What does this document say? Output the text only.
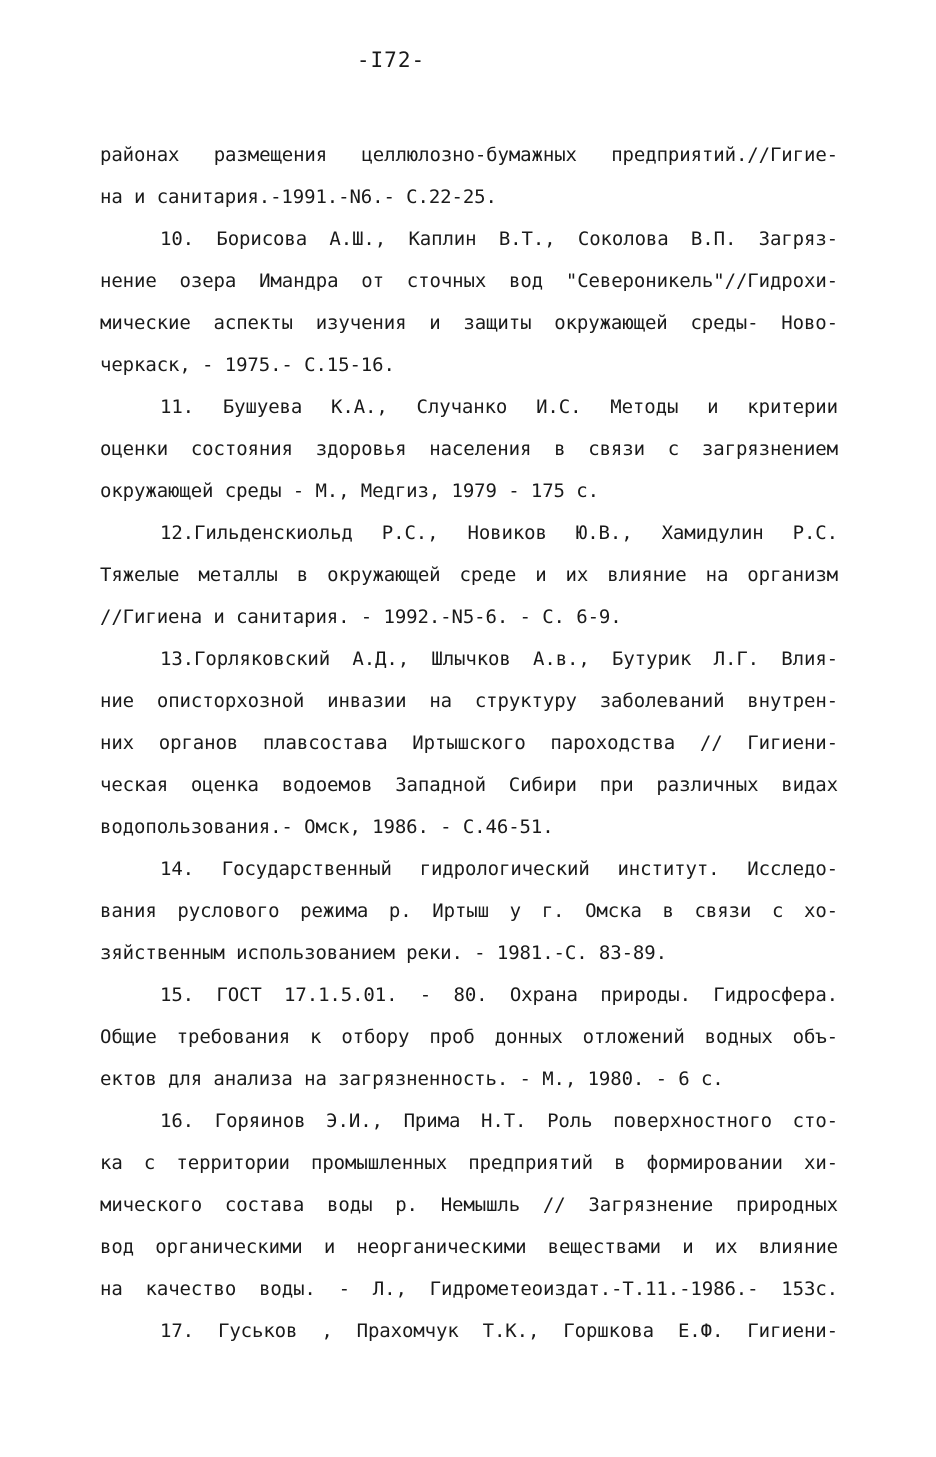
-I72-
районах размещения целлюлозно-бумажных предприятий.//Гигие-
на и санитария.-1991.-N6.- С.22-25.
10. Борисова А.Ш., Каплин В.Т., Соколова В.П. Загряз-
нение озера Имандра от сточных вод "Североникель"//Гидрохи-
мические аспекты изучения и защиты окружающей среды- Ново-
черкаск, - 1975.- С.15-16.
11. Бушуева К.А., Случанко И.С. Методы и критерии
оценки состояния здоровья населения в связи с загрязнением
окружающей среды - М., Медгиз, 1979 - 175 с.
12.Гильденскиольд Р.С., Новиков Ю.В., Хамидулин Р.С.
Тяжелые металлы в окружающей среде и их влияние на организм
//Гигиена и санитария. - 1992.-N5-6. - С. 6-9.
13.Горляковский А.Д., Шлычков А.в., Бутурик Л.Г. Влия-
ние описторхозной инвазии на структуру заболеваний внутрен-
них органов плавсостава Иртышского пароходства // Гигиени-
ческая оценка водоемов Западной Сибири при различных видах
водопользования.- Омск, 1986. - С.46-51.
14. Государственный гидрологический институт. Исследо-
вания руслового режима р. Иртыш у г. Омска в связи с хо-
зяйственным использованием реки. - 1981.-С. 83-89.
15. ГОСТ 17.1.5.01. - 80. Охрана природы. Гидросфера.
Общие требования к отбору проб донных отложений водных объ-
ектов для анализа на загрязненность. - М., 1980. - 6 с.
16. Горяинов Э.И., Прима Н.Т. Роль поверхностного сто-
ка с территории промышленных предприятий в формировании хи-
мического состава воды р. Немышль // Загрязнение природных
вод органическими и неорганическими веществами и их влияние
на качество воды. - Л., Гидрометеоиздат.-Т.11.-1986.- 153с.
17. Гуськов , Прахомчук Т.К., Горшкова Е.Ф. Гигиени-
